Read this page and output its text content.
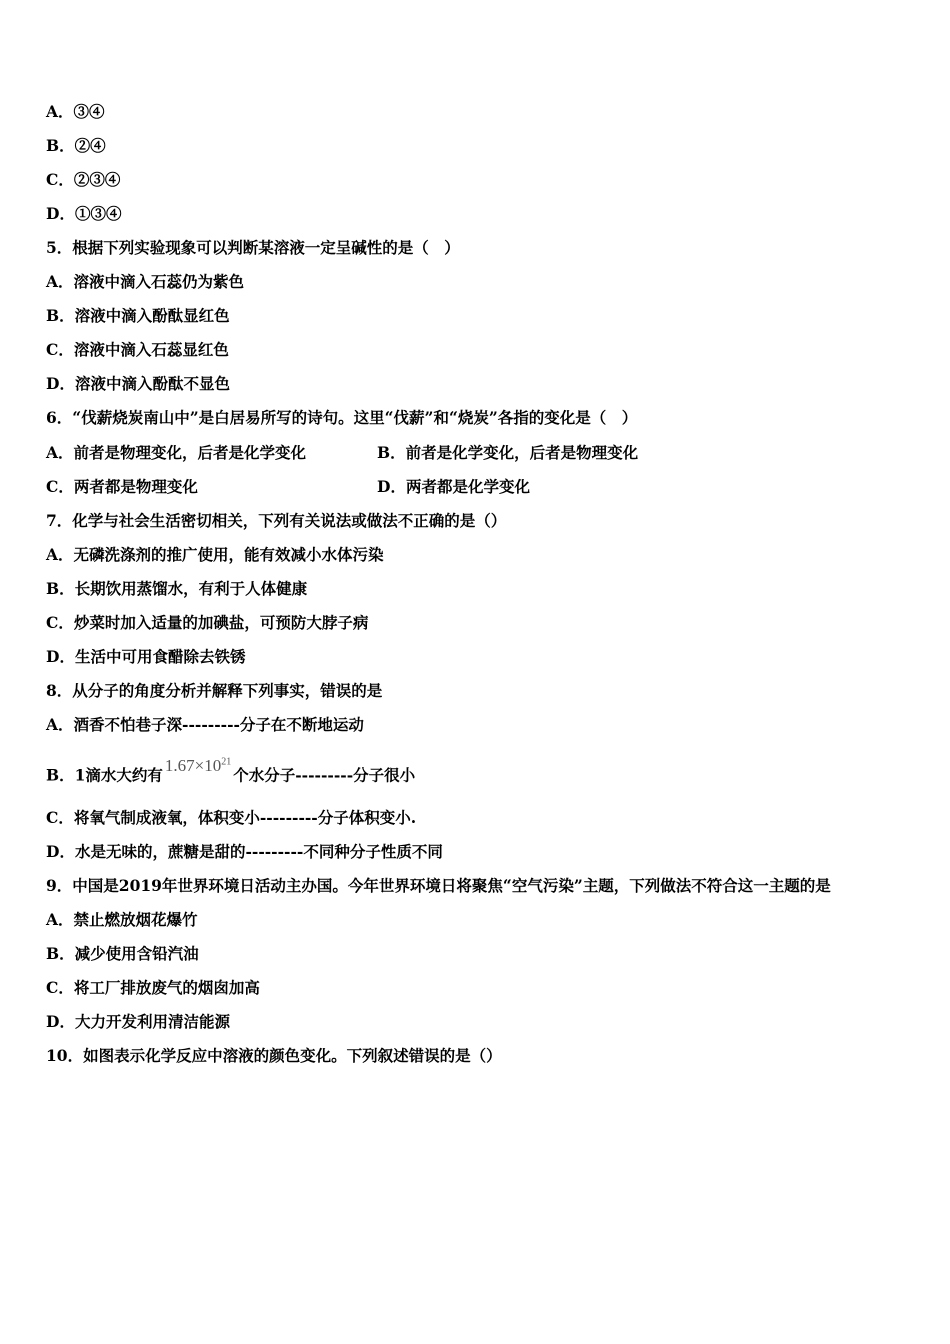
A．③④
B．②④
C．②③④
D．①③④
5．根据下列实验现象可以判断某溶液一定呈碱性的是（　）
A．溶液中滴入石蕊仍为紫色
B．溶液中滴入酚酞显红色
C．溶液中滴入石蕊显红色
D．溶液中滴入酚酞不显色
6．“伐薪烧炭南山中”是白居易所写的诗句。这里“伐薪”和“烧炭”各指的变化是（　）
A．前者是物理变化，后者是化学变化	B．前者是化学变化，后者是物理变化
C．两者都是物理变化	D．两者都是化学变化
7．化学与社会生活密切相关，下列有关说法或做法不正确的是（）
A．无磷洗涤剂的推广使用，能有效减小水体污染
B．长期饮用蒸馏水，有利于人体健康
C．炒菜时加入适量的加碘盐，可预防大脖子病
D．生活中可用食醋除去铁锈
8．从分子的角度分析并解释下列事实，错误的是
A．酒香不怕巷子深---------分子在不断地运动
B．1滴水大约有$1.67\times 10^{21}$个水分子---------分子很小
C．将氧气制成液氧，体积变小---------分子体积变小.
D．水是无味的，蔗糖是甜的---------不同种分子性质不同
9．中国是2019年世界环境日活动主办国。今年世界环境日将聚焦“空气污染”主题，下列做法不符合这一主题的是
A．禁止燃放烟花爆竹
B．减少使用含铅汽油
C．将工厂排放废气的烟囱加高
D．大力开发利用清洁能源
10．如图表示化学反应中溶液的颜色变化。下列叙述错误的是（）
